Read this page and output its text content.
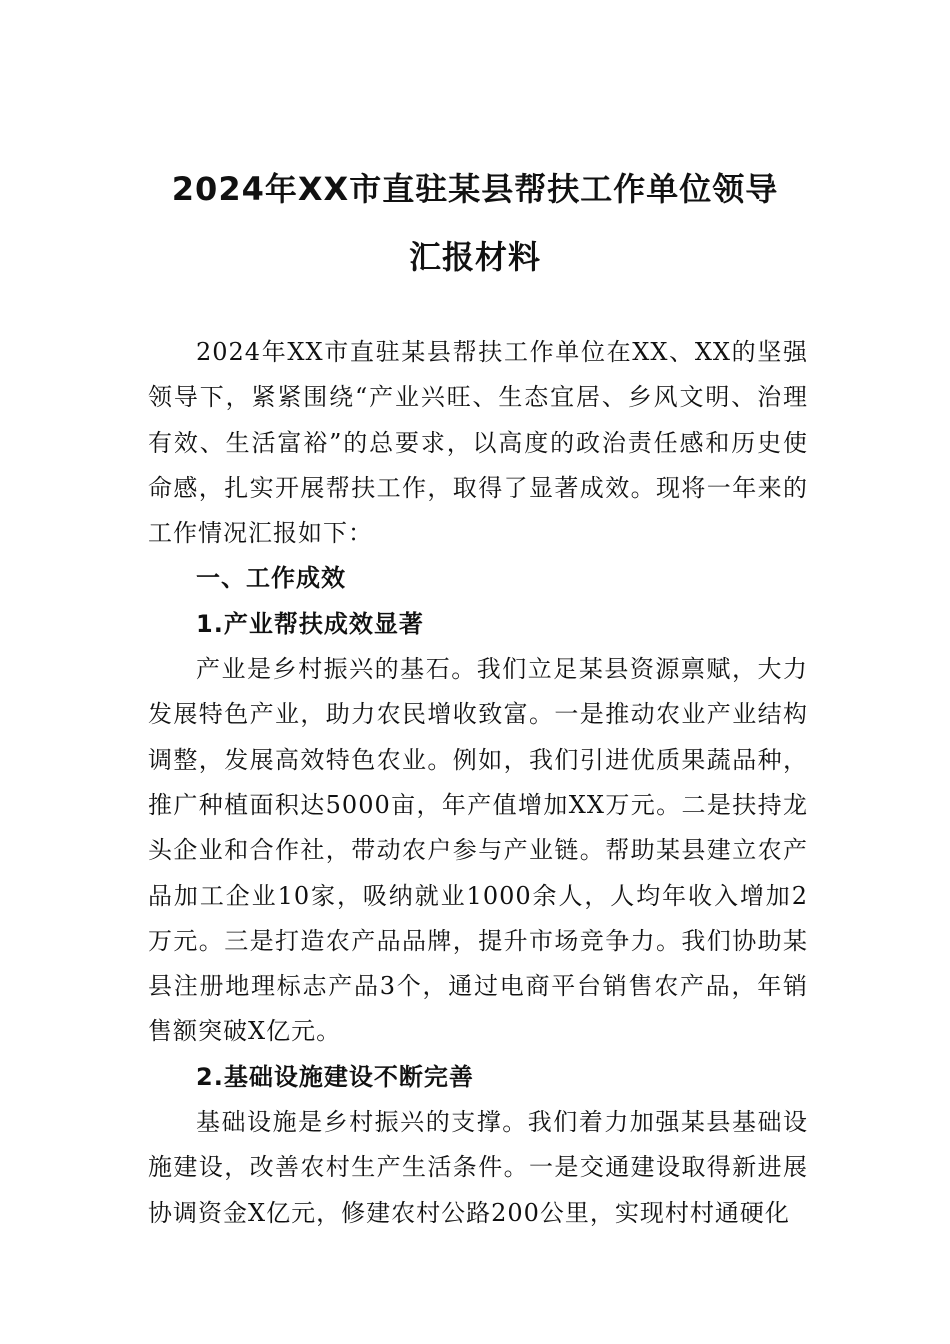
2024年XX市直驻某县帮扶工作单位领导
汇报材料

2024年XX市直驻某县帮扶工作单位在XX、XX的坚强领导下，紧紧围绕“产业兴旺、生态宜居、乡风文明、治理有效、生活富裕”的总要求，以高度的政治责任感和历史使命感，扎实开展帮扶工作，取得了显著成效。现将一年来的工作情况汇报如下：

一、工作成效
1.产业帮扶成效显著

产业是乡村振兴的基石。我们立足某县资源禀赋，大力发展特色产业，助力农民增收致富。一是推动农业产业结构调整，发展高效特色农业。例如，我们引进优质果蔬品种，推广种植面积达5000亩，年产值增加XX万元。二是扶持龙头企业和合作社，带动农户参与产业链。帮助某县建立农产品加工企业10家，吸纳就业1000余人，人均年收入增加2万元。三是打造农产品品牌，提升市场竞争力。我们协助某县注册地理标志产品3个，通过电商平台销售农产品，年销售额突破X亿元。

2.基础设施建设不断完善

基础设施是乡村振兴的支撑。我们着力加强某县基础设施建设，改善农村生产生活条件。一是交通建设取得新进展协调资金X亿元，修建农村公路200公里，实现村村通硬化
